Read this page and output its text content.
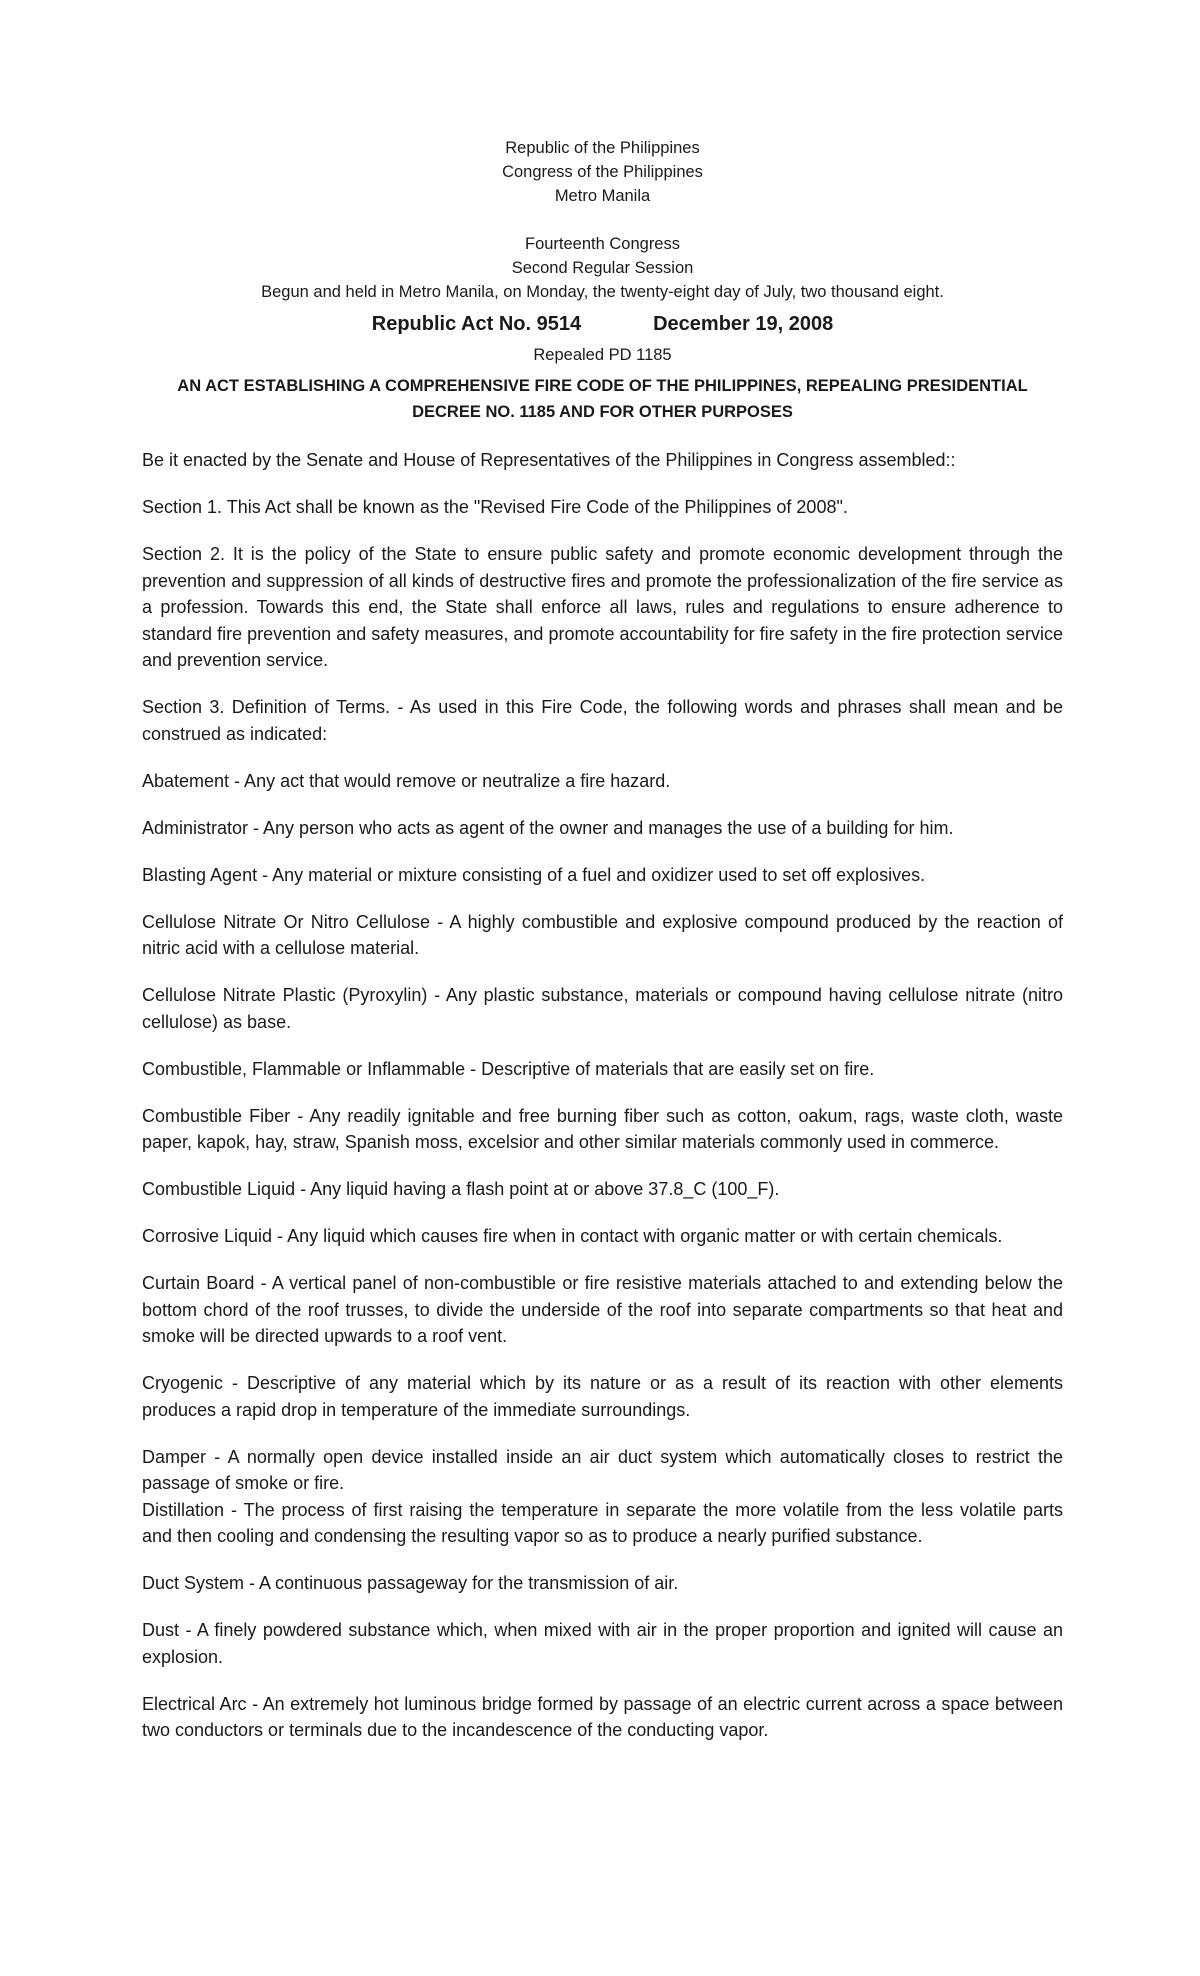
Republic of the Philippines
Congress of the Philippines
Metro Manila
Fourteenth Congress
Second Regular Session
Begun and held in Metro Manila, on Monday, the twenty-eight day of July, two thousand eight.
Republic Act No. 9514	December 19, 2008
Repealed PD 1185
AN ACT ESTABLISHING A COMPREHENSIVE FIRE CODE OF THE PHILIPPINES, REPEALING PRESIDENTIAL DECREE NO. 1185 AND FOR OTHER PURPOSES

Be it enacted by the Senate and House of Representatives of the Philippines in Congress assembled::

Section 1. This Act shall be known as the "Revised Fire Code of the Philippines of 2008".

Section 2. It is the policy of the State to ensure public safety and promote economic development through the prevention and suppression of all kinds of destructive fires and promote the professionalization of the fire service as a profession. Towards this end, the State shall enforce all laws, rules and regulations to ensure adherence to standard fire prevention and safety measures, and promote accountability for fire safety in the fire protection service and prevention service.

Section 3. Definition of Terms. - As used in this Fire Code, the following words and phrases shall mean and be construed as indicated:

Abatement - Any act that would remove or neutralize a fire hazard.

Administrator - Any person who acts as agent of the owner and manages the use of a building for him.

Blasting Agent - Any material or mixture consisting of a fuel and oxidizer used to set off explosives.

Cellulose Nitrate Or Nitro Cellulose - A highly combustible and explosive compound produced by the reaction of nitric acid with a cellulose material.

Cellulose Nitrate Plastic (Pyroxylin) - Any plastic substance, materials or compound having cellulose nitrate (nitro cellulose) as base.

Combustible, Flammable or Inflammable - Descriptive of materials that are easily set on fire.

Combustible Fiber - Any readily ignitable and free burning fiber such as cotton, oakum, rags, waste cloth, waste paper, kapok, hay, straw, Spanish moss, excelsior and other similar materials commonly used in commerce.

Combustible Liquid - Any liquid having a flash point at or above 37.8_C (100_F).

Corrosive Liquid - Any liquid which causes fire when in contact with organic matter or with certain chemicals.

Curtain Board - A vertical panel of non-combustible or fire resistive materials attached to and extending below the bottom chord of the roof trusses, to divide the underside of the roof into separate compartments so that heat and smoke will be directed upwards to a roof vent.

Cryogenic - Descriptive of any material which by its nature or as a result of its reaction with other elements produces a rapid drop in temperature of the immediate surroundings.

Damper - A normally open device installed inside an air duct system which automatically closes to restrict the passage of smoke or fire.

Distillation - The process of first raising the temperature in separate the more volatile from the less volatile parts and then cooling and condensing the resulting vapor so as to produce a nearly purified substance.

Duct System - A continuous passageway for the transmission of air.

Dust - A finely powdered substance which, when mixed with air in the proper proportion and ignited will cause an explosion.

Electrical Arc - An extremely hot luminous bridge formed by passage of an electric current across a space between two conductors or terminals due to the incandescence of the conducting vapor.
